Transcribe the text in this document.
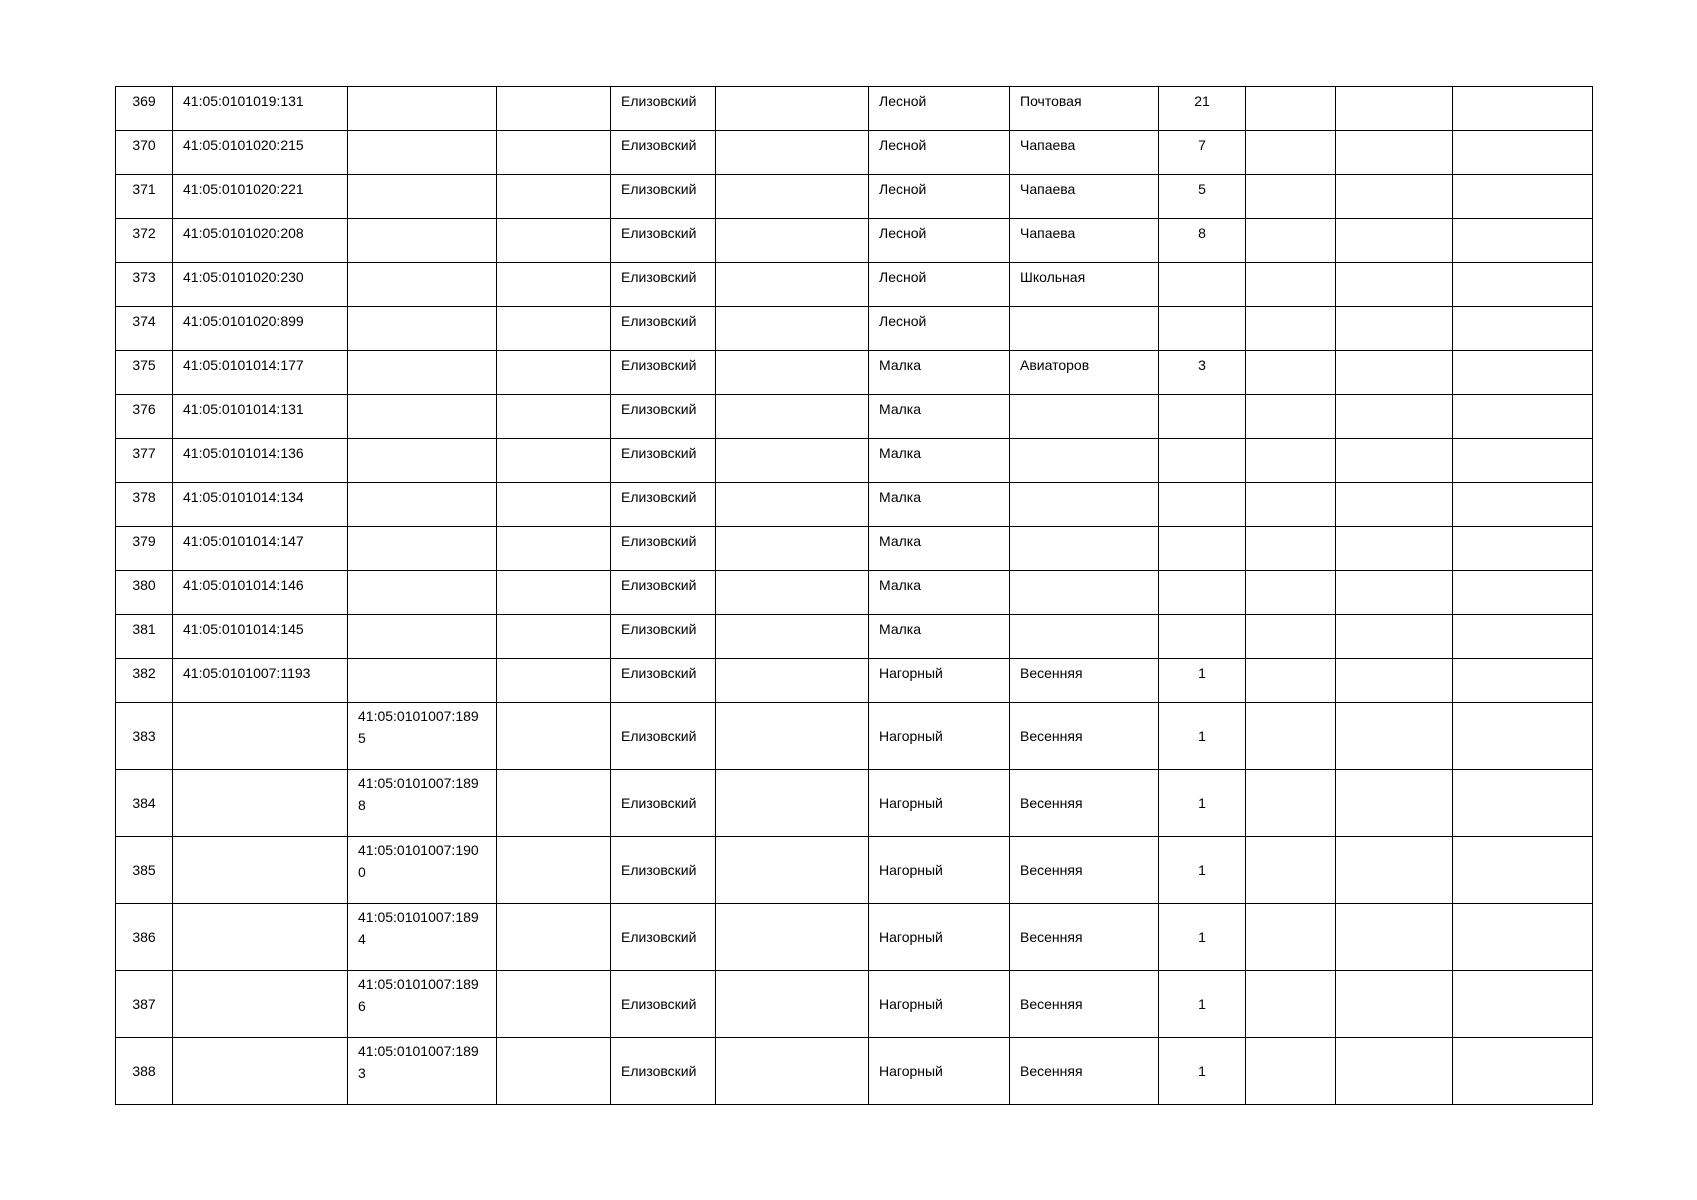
369	41:05:0101019:131			Елизовский		Лесной	Почтовая	21			
370	41:05:0101020:215			Елизовский		Лесной	Чапаева	7			
371	41:05:0101020:221			Елизовский		Лесной	Чапаева	5			
372	41:05:0101020:208			Елизовский		Лесной	Чапаева	8			
373	41:05:0101020:230			Елизовский		Лесной	Школьная				
374	41:05:0101020:899			Елизовский		Лесной					
375	41:05:0101014:177			Елизовский		Малка	Авиаторов	3			
376	41:05:0101014:131			Елизовский		Малка					
377	41:05:0101014:136			Елизовский		Малка					
378	41:05:0101014:134			Елизовский		Малка					
379	41:05:0101014:147			Елизовский		Малка					
380	41:05:0101014:146			Елизовский		Малка					
381	41:05:0101014:145			Елизовский		Малка					
382	41:05:0101007:1193			Елизовский		Нагорный	Весенняя	1			
383		41:05:0101007:1895		Елизовский		Нагорный	Весенняя	1			
384		41:05:0101007:1898		Елизовский		Нагорный	Весенняя	1			
385		41:05:0101007:1900		Елизовский		Нагорный	Весенняя	1			
386		41:05:0101007:1894		Елизовский		Нагорный	Весенняя	1			
387		41:05:0101007:1896		Елизовский		Нагорный	Весенняя	1			
388		41:05:0101007:1893		Елизовский		Нагорный	Весенняя	1			
